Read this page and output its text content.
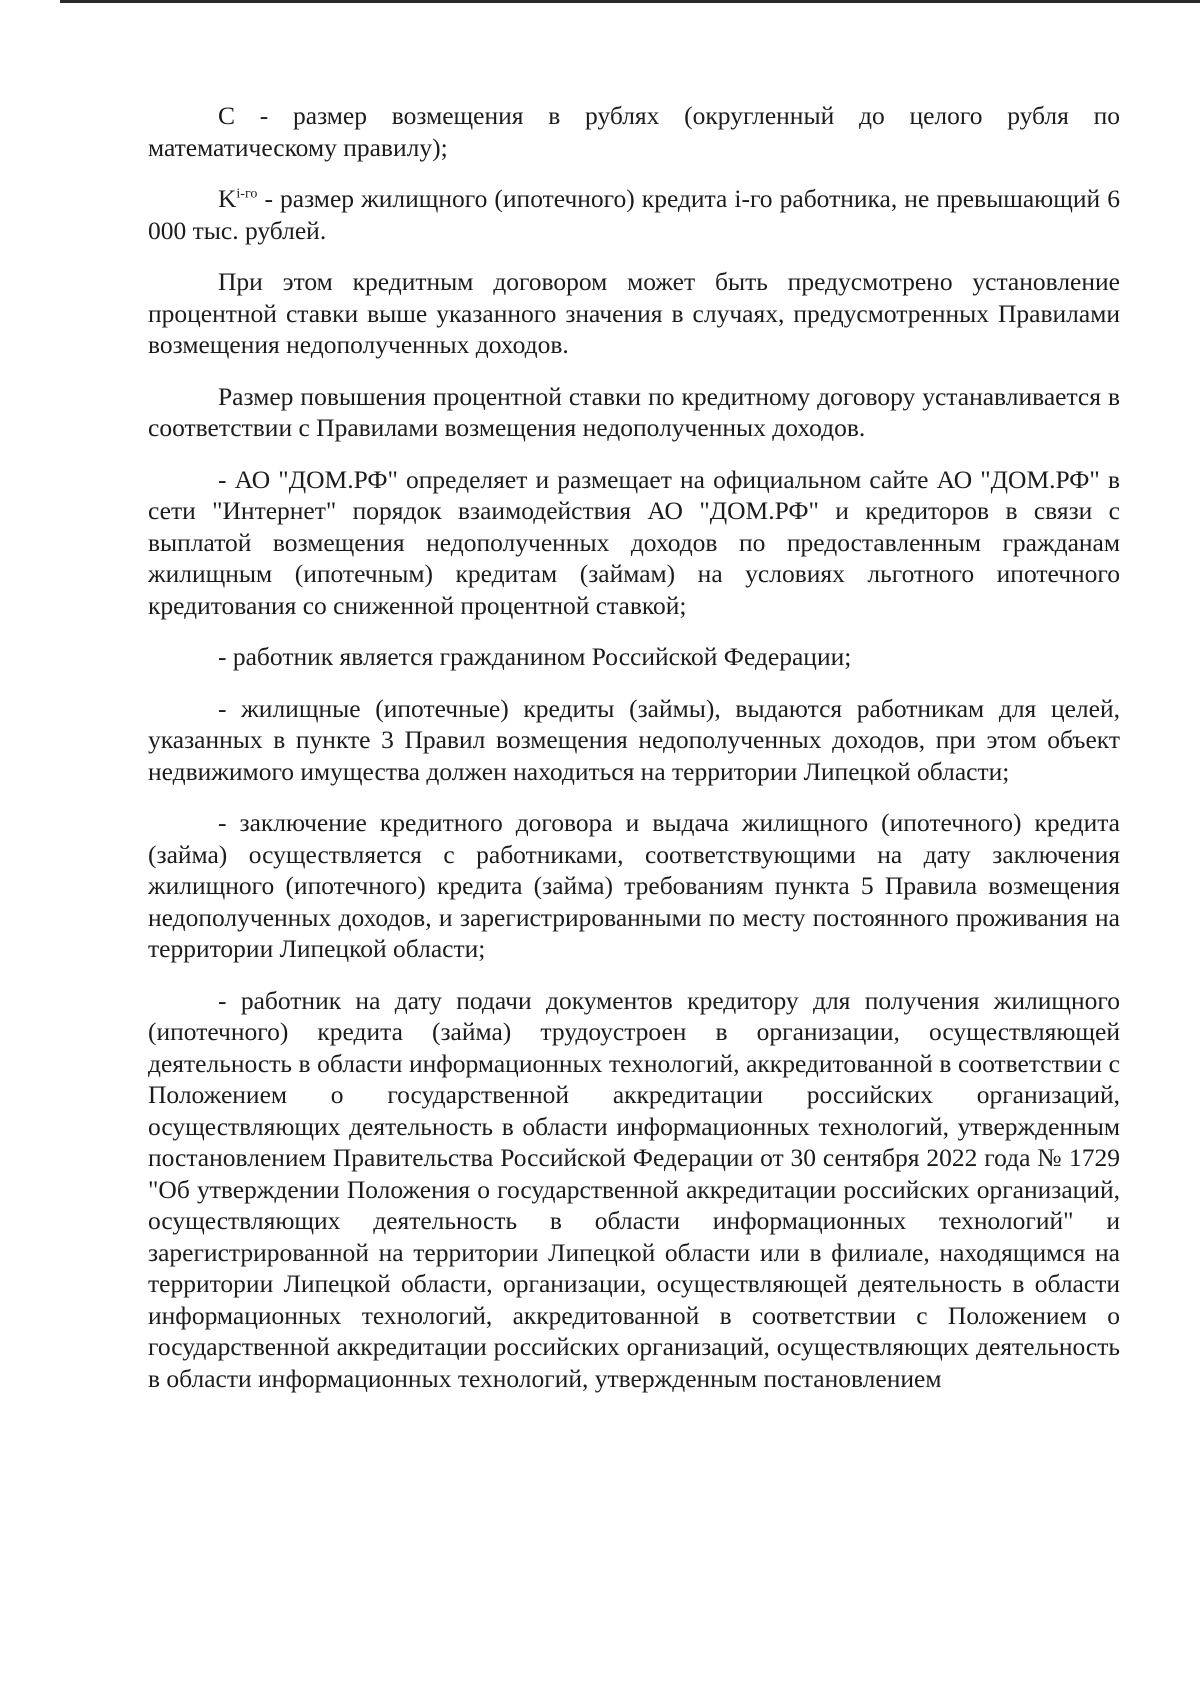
С - размер возмещения в рублях (округленный до целого рубля по математическому правилу);

$K^{i-го}$ - размер жилищного (ипотечного) кредита i-го работника, не превышающий 6 000 тыс. рублей.

При этом кредитным договором может быть предусмотрено установление процентной ставки выше указанного значения в случаях, предусмотренных Правилами возмещения недополученных доходов.

Размер повышения процентной ставки по кредитному договору устанавливается в соответствии с Правилами возмещения недополученных доходов.

- АО "ДОМ.РФ" определяет и размещает на официальном сайте АО "ДОМ.РФ" в сети "Интернет" порядок взаимодействия АО "ДОМ.РФ" и кредиторов в связи с выплатой возмещения недополученных доходов по предоставленным гражданам жилищным (ипотечным) кредитам (займам) на условиях льготного ипотечного кредитования со сниженной процентной ставкой;

- работник является гражданином Российской Федерации;

- жилищные (ипотечные) кредиты (займы), выдаются работникам для целей, указанных в пункте 3 Правил возмещения недополученных доходов, при этом объект недвижимого имущества должен находиться на территории Липецкой области;

- заключение кредитного договора и выдача жилищного (ипотечного) кредита (займа) осуществляется с работниками, соответствующими на дату заключения жилищного (ипотечного) кредита (займа) требованиям пункта 5 Правила возмещения недополученных доходов, и зарегистрированными по месту постоянного проживания на территории Липецкой области;

- работник на дату подачи документов кредитору для получения жилищного (ипотечного) кредита (займа) трудоустроен в организации, осуществляющей деятельность в области информационных технологий, аккредитованной в соответствии с Положением о государственной аккредитации российских организаций, осуществляющих деятельность в области информационных технологий, утвержденным постановлением Правительства Российской Федерации от 30 сентября 2022 года № 1729 "Об утверждении Положения о государственной аккредитации российских организаций, осуществляющих деятельность в области информационных технологий" и зарегистрированной на территории Липецкой области или в филиале, находящимся на территории Липецкой области, организации, осуществляющей деятельность в области информационных технологий, аккредитованной в соответствии с Положением о государственной аккредитации российских организаций, осуществляющих деятельность в области информационных технологий, утвержденным постановлением
